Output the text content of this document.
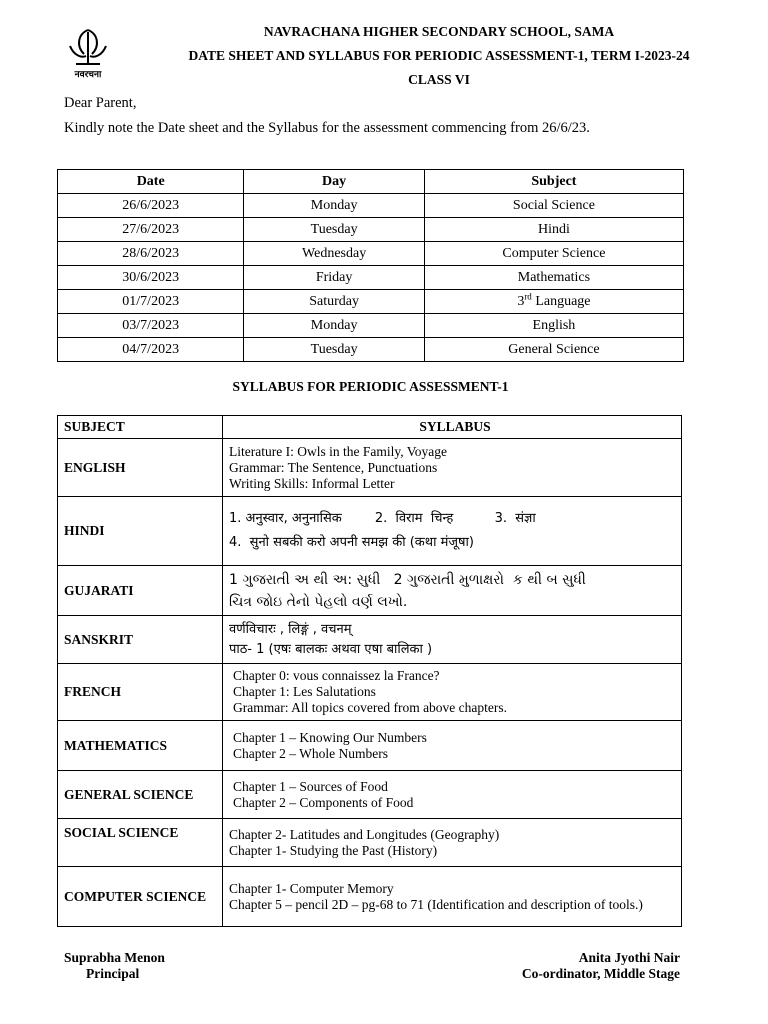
नवरचना
NAVRACHANA HIGHER SECONDARY SCHOOL, SAMA
DATE SHEET AND SYLLABUS FOR PERIODIC ASSESSMENT-1, TERM I-2023-24
CLASS VI
Dear Parent,
Kindly note the Date sheet and the Syllabus for the assessment commencing from 26/6/23.
Date	Day	Subject
26/6/2023	Monday	Social Science
27/6/2023	Tuesday	Hindi
28/6/2023	Wednesday	Computer Science
30/6/2023	Friday	Mathematics
01/7/2023	Saturday	3rd Language
03/7/2023	Monday	English
04/7/2023	Tuesday	General Science
SYLLABUS FOR PERIODIC ASSESSMENT-1
SUBJECT	SYLLABUS
ENGLISH	Literature I: Owls in the Family, Voyage
Grammar: The Sentence, Punctuations
Writing Skills: Informal Letter

HINDI	1. अनुस्वार, अनुनासिक        2.  विराम  चिन्ह          3.  संज्ञा
4.  सुनो सबकी करो अपनी समझ की (कथा मंजूषा)

GUJARATI	1 ગુજરાતી અ થી અ: સુધી   2 ગુજરાતી મુળાક્ષરો  ક થી બ સુધી
ચિત્ર જોઇ તેનો પેહલો વર્ણ લખો.

SANSKRIT	वर्णविचारः , लिङ्गं , वचनम्
पाठ- 1 (एषः बालकः अथवा एषा बालिका )

FRENCH	Chapter 0: vous connaissez la France?
Chapter 1: Les Salutations
Grammar: All topics covered from above chapters.

MATHEMATICS	Chapter 1 – Knowing Our Numbers
Chapter 2 – Whole Numbers

GENERAL SCIENCE	Chapter 1 – Sources of Food
Chapter 2 – Components of Food

SOCIAL SCIENCE	Chapter 2- Latitudes and Longitudes (Geography)
Chapter 1- Studying the Past (History)

COMPUTER SCIENCE	Chapter 1- Computer Memory
Chapter 5 – pencil 2D – pg-68 to 71 (Identification and description of tools.)
Suprabha Menon
Principal
Anita Jyothi Nair
Co-ordinator, Middle Stage
